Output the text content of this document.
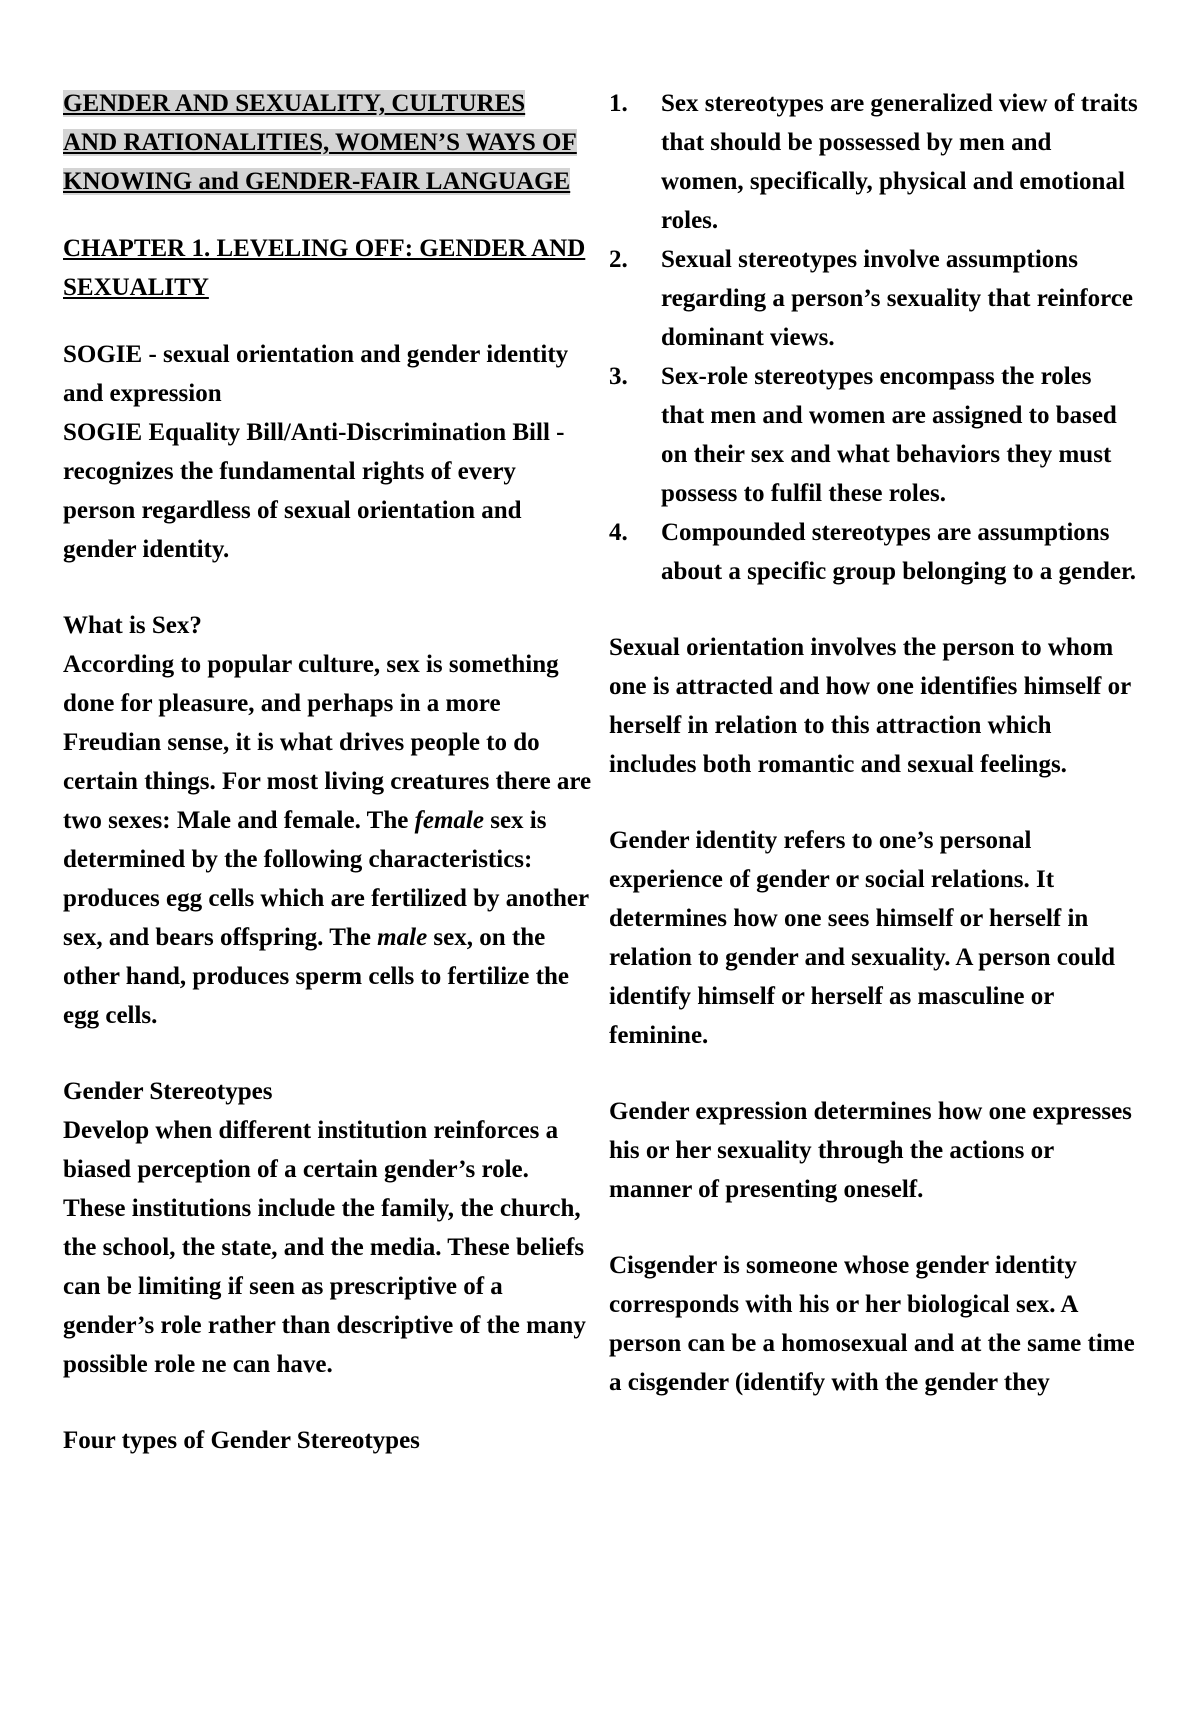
GENDER AND SEXUALITY, CULTURES AND RATIONALITIES, WOMEN’S WAYS OF KNOWING and GENDER-FAIR LANGUAGE

CHAPTER 1. LEVELING OFF: GENDER AND SEXUALITY

SOGIE - sexual orientation and gender identity and expression

SOGIE Equality Bill/Anti-Discrimination Bill - recognizes the fundamental rights of every person regardless of sexual orientation and gender identity.

What is Sex?

According to popular culture, sex is something done for pleasure, and perhaps in a more Freudian sense, it is what drives people to do certain things. For most living creatures there are two sexes: Male and female. The female sex is determined by the following characteristics: produces egg cells which are fertilized by another sex, and bears offspring. The male sex, on the other hand, produces sperm cells to fertilize the egg cells.

Gender Stereotypes

Develop when different institution reinforces a biased perception of a certain gender’s role. These institutions include the family, the church, the school, the state, and the media. These beliefs can be limiting if seen as prescriptive of a gender’s role rather than descriptive of the many possible role ne can have.

Four types of Gender Stereotypes

1. Sex stereotypes are generalized view of traits that should be possessed by men and women, specifically, physical and emotional roles.
2. Sexual stereotypes involve assumptions regarding a person’s sexuality that reinforce dominant views.
3. Sex-role stereotypes encompass the roles that men and women are assigned to based on their sex and what behaviors they must possess to fulfil these roles.
4. Compounded stereotypes are assumptions about a specific group belonging to a gender.

Sexual orientation involves the person to whom one is attracted and how one identifies himself or herself in relation to this attraction which includes both romantic and sexual feelings.

Gender identity refers to one’s personal experience of gender or social relations. It determines how one sees himself or herself in relation to gender and sexuality. A person could identify himself or herself as masculine or feminine.

Gender expression determines how one expresses his or her sexuality through the actions or manner of presenting oneself.

Cisgender is someone whose gender identity corresponds with his or her biological sex. A person can be a homosexual and at the same time a cisgender (identify with the gender they
